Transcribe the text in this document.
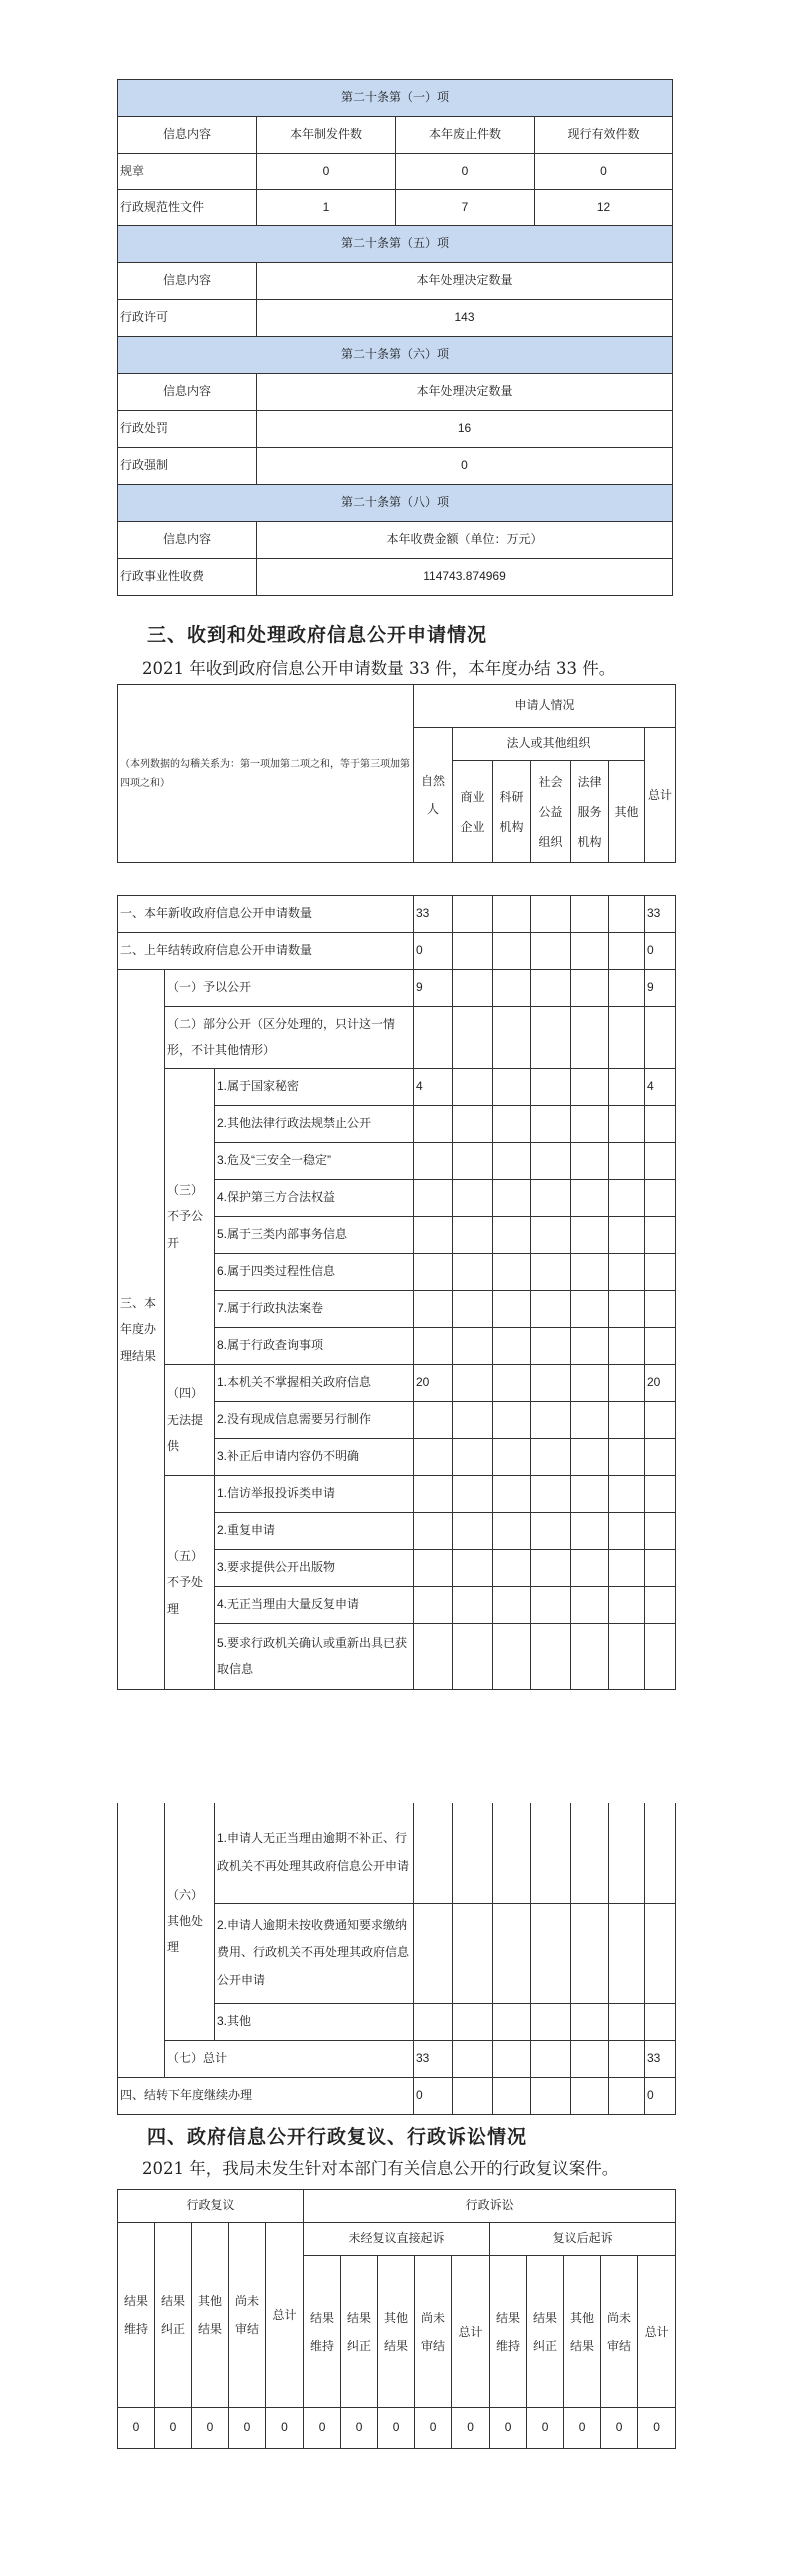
第二十条第（一）项			
信息内容	本年制发件数	本年废止件数	现行有效件数
规章	0	0	0
行政规范性文件	1	7	12
第二十条第（五）项			
信息内容	本年处理决定数量		
行政许可	143		
第二十条第（六）项			
信息内容	本年处理决定数量		
行政处罚	16		
行政强制	0		
第二十条第（八）项			
信息内容	本年收费金额（单位：万元）		
行政事业性收费	114743.874969		
三、收到和处理政府信息公开申请情况
2021 年收到政府信息公开申请数量 33 件，本年度办结 33 件。
（本列数据的勾稽关系为：第一项加第二项之和，等于第三项加第四项之和）			申请人情况						
			自然人	法人或其他组织					总计
				商业企业	科研机构	社会公益组织	法律服务机构	其他	

一、本年新收政府信息公开申请数量			33						33
二、上年结转政府信息公开申请数量			0						0
三、本年度办理结果	（一）予以公开		9						9
	（二）部分公开（区分处理的，只计这一情形，不计其他情形）								
	（三）不予公开	1.属于国家秘密	4						4
		2.其他法律行政法规禁止公开							
		3.危及“三安全一稳定”							
		4.保护第三方合法权益							
		5.属于三类内部事务信息							
		6.属于四类过程性信息							
		7.属于行政执法案卷							
		8.属于行政查询事项							
	（四）无法提供	1.本机关不掌握相关政府信息	20						20
		2.没有现成信息需要另行制作							
		3.补正后申请内容仍不明确							
	（五）不予处理	1.信访举报投诉类申请							
		2.重复申请							
		3.要求提供公开出版物							
		4.无正当理由大量反复申请							
		5.要求行政机关确认或重新出具已获取信息							
	（六）其他处理	1.申请人无正当理由逾期不补正、行政机关不再处理其政府信息公开申请							
		2.申请人逾期未按收费通知要求缴纳费用、行政机关不再处理其政府信息公开申请							
		3.其他							
	（七）总计		33						33
四、结转下年度继续办理			0						0
四、政府信息公开行政复议、行政诉讼情况
2021 年，我局未发生针对本部门有关信息公开的行政复议案件。
行政复议					行政诉讼									
结果维持	结果纠正	其他结果	尚未审结	总计	未经复议直接起诉					复议后起诉				
					结果维持	结果纠正	其他结果	尚未审结	总计	结果维持	结果纠正	其他结果	尚未审结	总计
0	0	0	0	0	0	0	0	0	0	0	0	0	0	0
